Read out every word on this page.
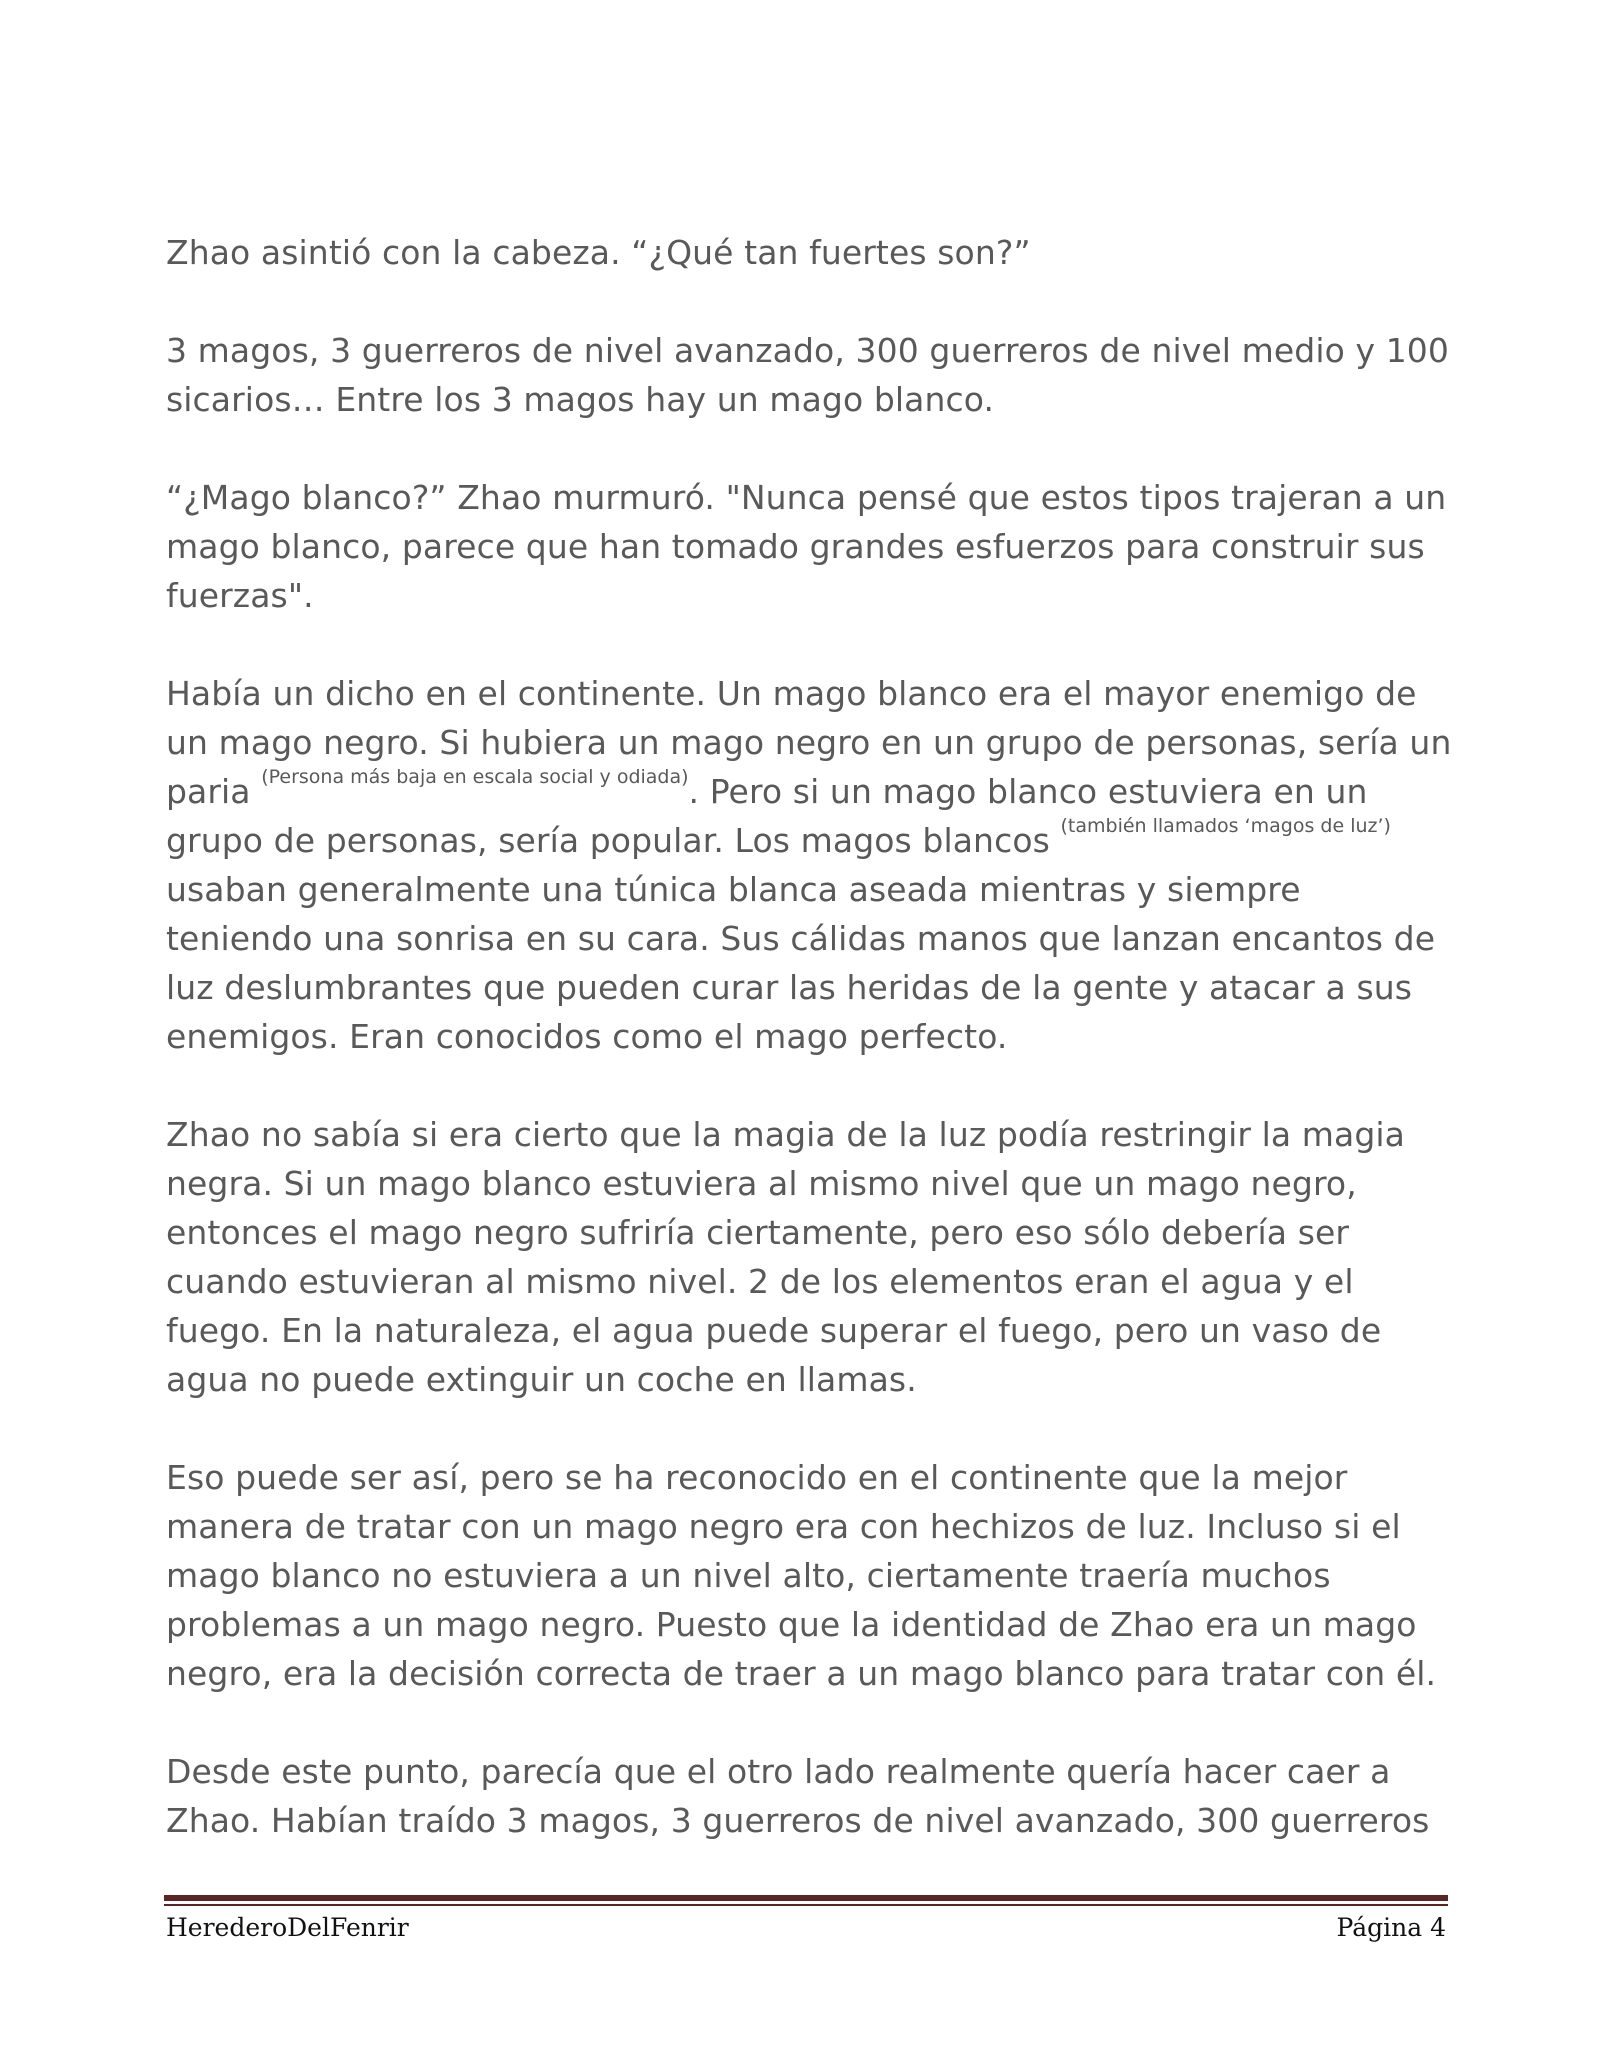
Zhao asintió con la cabeza. “¿Qué tan fuertes son?”

3 magos, 3 guerreros de nivel avanzado, 300 guerreros de nivel medio y 100 sicarios… Entre los 3 magos hay un mago blanco.

“¿Mago blanco?” Zhao murmuró. "Nunca pensé que estos tipos trajeran a un mago blanco, parece que han tomado grandes esfuerzos para construir sus fuerzas".

Había un dicho en el continente. Un mago blanco era el mayor enemigo de un mago negro. Si hubiera un mago negro en un grupo de personas, sería un paria $^{(Persona más baja en escala social y odiada)}$. Pero si un mago blanco estuviera en un grupo de personas, sería popular. Los magos blancos $^{(también llamados ‘magos de luz’)}$ usaban generalmente una túnica blanca aseada mientras y siempre teniendo una sonrisa en su cara. Sus cálidas manos que lanzan encantos de luz deslumbrantes que pueden curar las heridas de la gente y atacar a sus enemigos. Eran conocidos como el mago perfecto.

Zhao no sabía si era cierto que la magia de la luz podía restringir la magia negra. Si un mago blanco estuviera al mismo nivel que un mago negro, entonces el mago negro sufriría ciertamente, pero eso sólo debería ser cuando estuvieran al mismo nivel. 2 de los elementos eran el agua y el fuego. En la naturaleza, el agua puede superar el fuego, pero un vaso de agua no puede extinguir un coche en llamas.

Eso puede ser así, pero se ha reconocido en el continente que la mejor manera de tratar con un mago negro era con hechizos de luz. Incluso si el mago blanco no estuviera a un nivel alto, ciertamente traería muchos problemas a un mago negro. Puesto que la identidad de Zhao era un mago negro, era la decisión correcta de traer a un mago blanco para tratar con él.

Desde este punto, parecía que el otro lado realmente quería hacer caer a Zhao. Habían traído 3 magos, 3 guerreros de nivel avanzado, 300 guerreros

HerederoDelFenrir	Página 4
